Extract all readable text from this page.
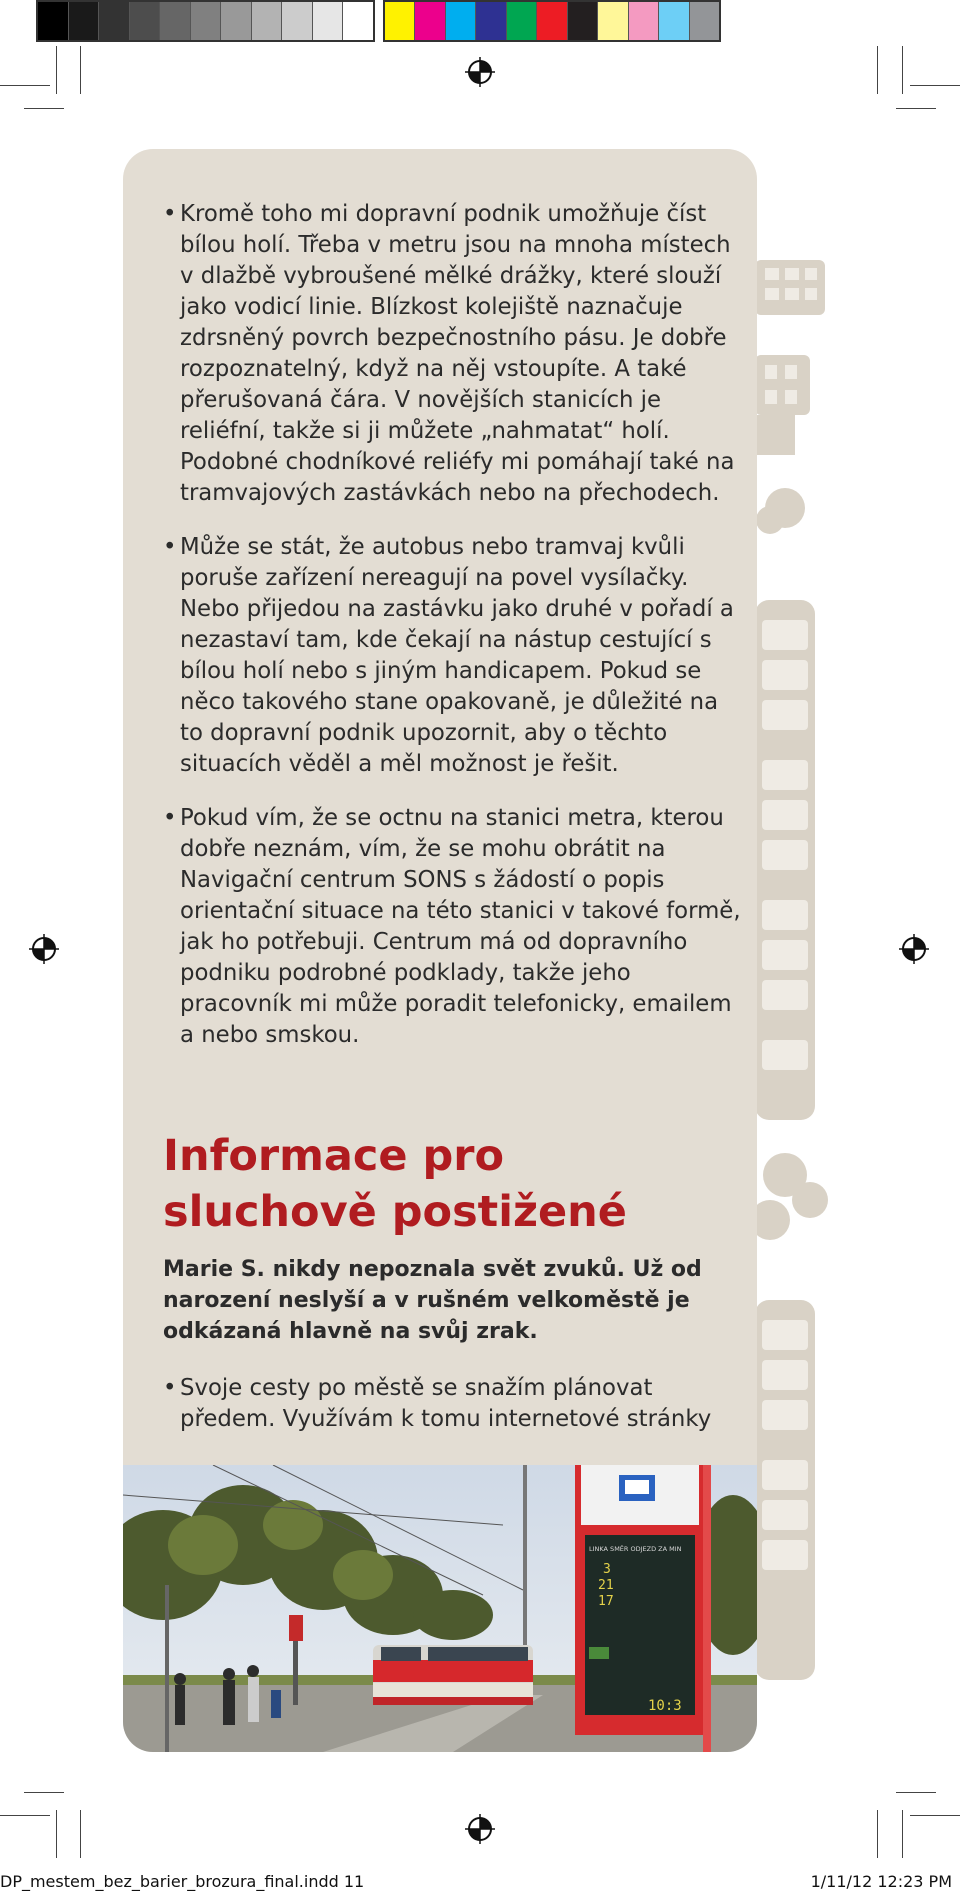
• Kromě toho mi dopravní podnik umožňuje číst bílou holí. Třeba v metru jsou na mnoha místech v dlažbě vybroušené mělké drážky, které slouží jako vodicí linie. Blízkost kolejiště naznačuje zdrsněný povrch bezpečnostního pásu. Je dobře rozpoznatelný, když na něj vstoupíte. A také přerušovaná čára. V novějších stanicích je reliéfní, takže si ji můžete „nahmatat“ holí. Podobné chodníkové reliéfy mi pomáhají také na tramvajových zastávkách nebo na přechodech.

• Může se stát, že autobus nebo tramvaj kvůli poruše zařízení nereagují na povel vysílačky. Nebo přijedou na zastávku jako druhé v pořadí a nezastaví tam, kde čekají na nástup cestující s bílou holí nebo s jiným handicapem. Pokud se něco takového stane opakovaně, je důležité na to dopravní podnik upozornit, aby o těchto situacích věděl a měl možnost je řešit.

• Pokud vím, že se octnu na stanici metra, kterou dobře neznám, vím, že se mohu obrátit na Navigační centrum SONS s žádostí o popis orientační situace na této stanici v takové formě, jak ho potřebuji. Centrum má od dopravního podniku podrobné podklady, takže jeho pracovník mi může poradit telefonicky, emailem a nebo smskou.

Informace pro sluchově postižené

Marie S. nikdy nepoznala svět zvuků. Už od narození neslyší a v rušném velkoměstě je odkázaná hlavně na svůj zrak.

• Svoje cesty po městě se snažím plánovat předem. Využívám k tomu internetové stránky

LINKA SMĚR ODJEZD ZA MIN
3
21
17
10:3
DP_mestem_bez_barier_brozura_final.indd 11	1/11/12 12:23 PM
